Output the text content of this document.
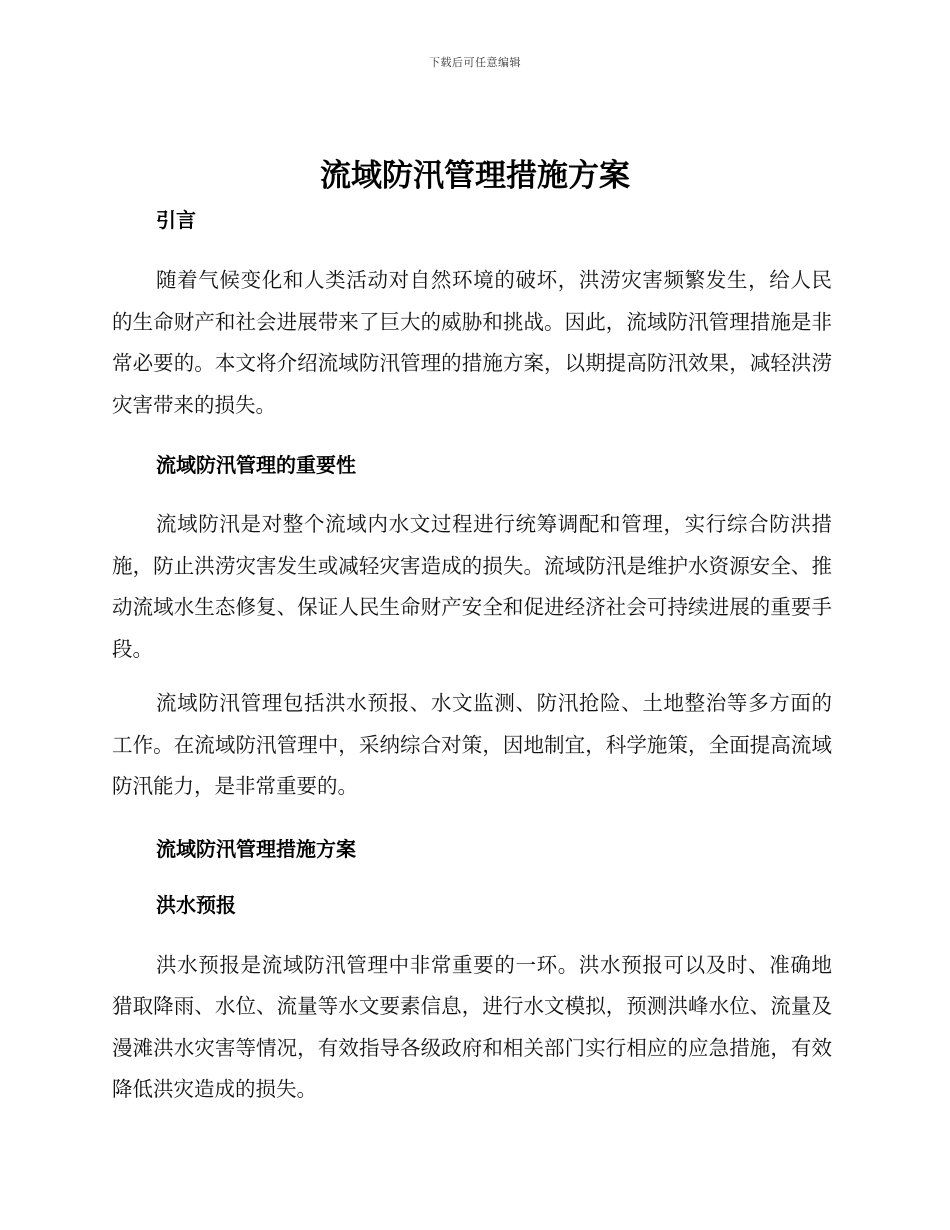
下载后可任意编辑
流域防汛管理措施方案

引言

随着气候变化和人类活动对自然环境的破坏，洪涝灾害频繁发生，给人民的生命财产和社会进展带来了巨大的威胁和挑战。因此，流域防汛管理措施是非常必要的。本文将介绍流域防汛管理的措施方案，以期提高防汛效果，减轻洪涝灾害带来的损失。

流域防汛管理的重要性

流域防汛是对整个流域内水文过程进行统筹调配和管理，实行综合防洪措施，防止洪涝灾害发生或减轻灾害造成的损失。流域防汛是维护水资源安全、推动流域水生态修复、保证人民生命财产安全和促进经济社会可持续进展的重要手段。

流域防汛管理包括洪水预报、水文监测、防汛抢险、土地整治等多方面的工作。在流域防汛管理中，采纳综合对策，因地制宜，科学施策，全面提高流域防汛能力，是非常重要的。

流域防汛管理措施方案

洪水预报

洪水预报是流域防汛管理中非常重要的一环。洪水预报可以及时、准确地猎取降雨、水位、流量等水文要素信息，进行水文模拟，预测洪峰水位、流量及漫滩洪水灾害等情况，有效指导各级政府和相关部门实行相应的应急措施，有效降低洪灾造成的损失。
